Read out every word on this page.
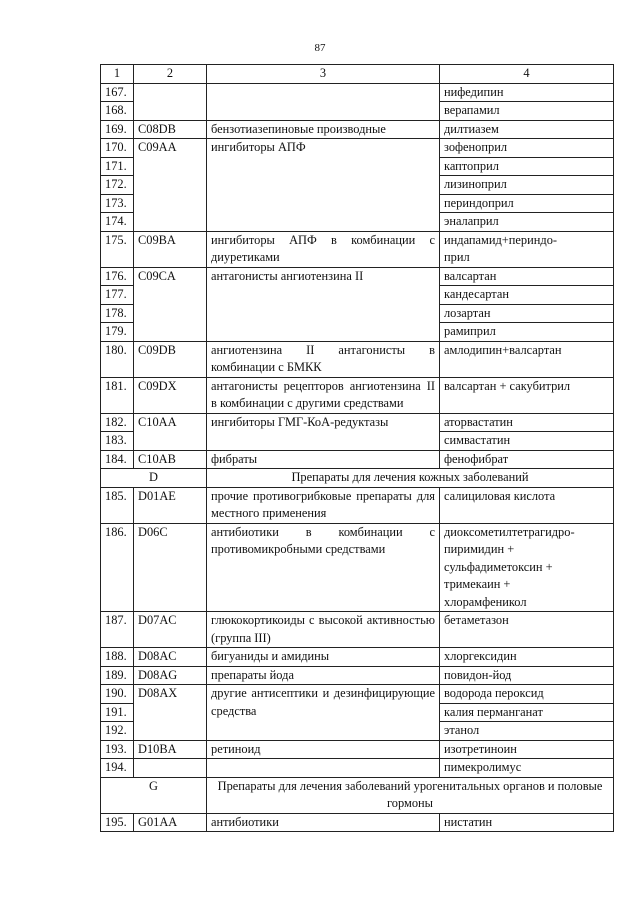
87
1	2	3	4
167.			нифедипин
168.			верапамил
169.	C08DB	бензотиазепиновые производные	дилтиазем
170.	C09AA	ингибиторы АПФ	зофеноприл
171.			каптоприл
172.			лизиноприл
173.			периндоприл
174.			эналаприл
175.	C09BA	ингибиторы АПФ в комбинации с диуретиками	индапамид+периндо-
прил

176.	C09CA	антагонисты ангиотензина II	валсартан
177.			кандесартан
178.			лозартан
179.			рамиприл
180.	C09DB	ангиотензина II антагонисты в комбинации с БМКК	амлодипин+валсартан
181.	C09DX	антагонисты рецепторов ангиотензина II в комбинации с другими средствами	валсартан + сакубитрил
182.	C10AA	ингибиторы ГМГ-КоА-редуктазы	аторвастатин
183.			симвастатин
184.	C10AB	фибраты	фенофибрат
D		Препараты для лечения кожных заболеваний	
185.	D01AE	прочие противогрибковые препараты для местного применения	салициловая кислота
186.	D06C	антибиотики в комбинации с противомикробными средствами	диоксометилтетрагидро-
пиримидин +
сульфадиметоксин +
тримекаин +
хлорамфеникол

187.	D07AC	глюкокортикоиды с высокой активностью (группа III)	бетаметазон
188.	D08AC	бигуаниды и амидины	хлоргексидин
189.	D08AG	препараты йода	повидон-йод
190.	D08AX	другие антисептики и дезинфицирующие средства	водорода пероксид
191.			калия перманганат
192.			этанол
193.	D10BA	ретиноид	изотретиноин
194.			пимекролимус
G		Препараты для лечения заболеваний урогенитальных органов и половые гормоны	
195.	G01AA	антибиотики	нистатин
